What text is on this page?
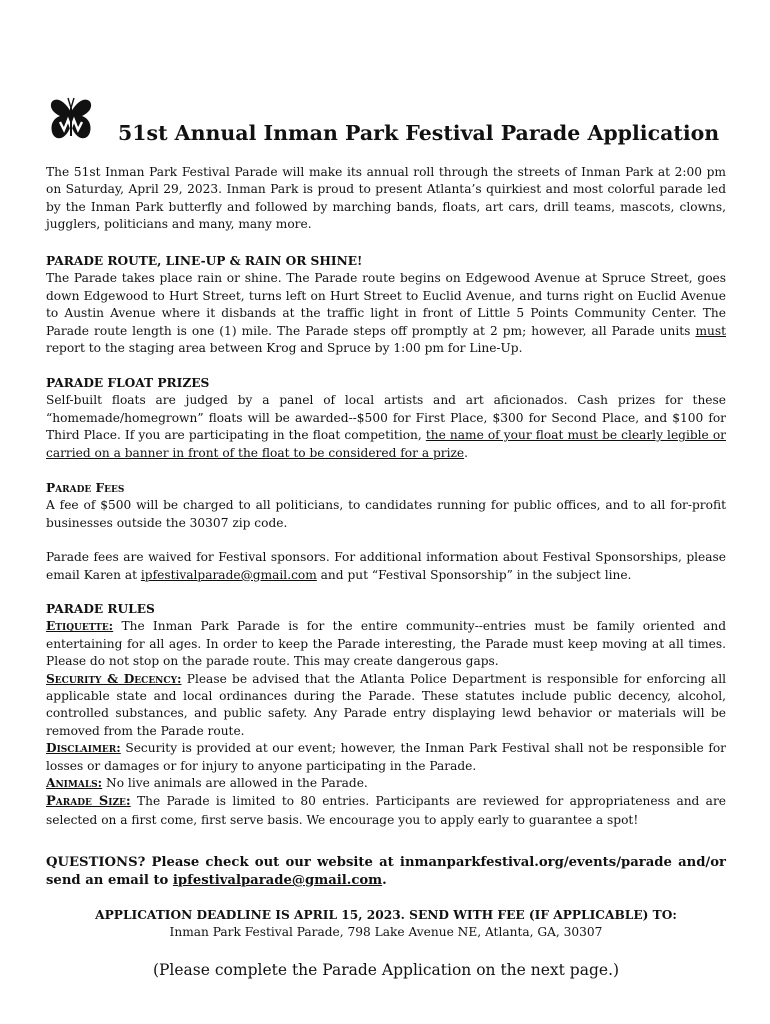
51st Annual Inman Park Festival Parade Application
The 51st Inman Park Festival Parade will make its annual roll through the streets of Inman Park at 2:00 pm on Saturday, April 29, 2023. Inman Park is proud to present Atlanta’s quirkiest and most colorful parade led by the Inman Park butterfly and followed by marching bands, floats, art cars, drill teams, mascots, clowns, jugglers, politicians and many, many more.

PARADE ROUTE, LINE-UP & RAIN OR SHINE!

The Parade takes place rain or shine. The Parade route begins on Edgewood Avenue at Spruce Street, goes down Edgewood to Hurt Street, turns left on Hurt Street to Euclid Avenue, and turns right on Euclid Avenue to Austin Avenue where it disbands at the traffic light in front of Little 5 Points Community Center. The Parade route length is one (1) mile. The Parade steps off promptly at 2 pm; however, all Parade units must report to the staging area between Krog and Spruce by 1:00 pm for Line-Up.

PARADE FLOAT PRIZES

Self-built floats are judged by a panel of local artists and art aficionados. Cash prizes for these “homemade/homegrown” floats will be awarded--$500 for First Place, $300 for Second Place, and $100 for Third Place. If you are participating in the float competition, the name of your float must be clearly legible or carried on a banner in front of the float to be considered for a prize.

Parade Fees

A fee of $500 will be charged to all politicians, to candidates running for public offices, and to all for-profit businesses outside the 30307 zip code.

Parade fees are waived for Festival sponsors. For additional information about Festival Sponsorships, please email Karen at ipfestivalparade@gmail.com and put “Festival Sponsorship” in the subject line.

PARADE RULES

Etiquette: The Inman Park Parade is for the entire community--entries must be family oriented and entertaining for all ages. In order to keep the Parade interesting, the Parade must keep moving at all times. Please do not stop on the parade route. This may create dangerous gaps.

Security & Decency: Please be advised that the Atlanta Police Department is responsible for enforcing all applicable state and local ordinances during the Parade. These statutes include public decency, alcohol, controlled substances, and public safety. Any Parade entry displaying lewd behavior or materials will be removed from the Parade route.

Disclaimer: Security is provided at our event; however, the Inman Park Festival shall not be responsible for losses or damages or for injury to anyone participating in the Parade.

Animals: No live animals are allowed in the Parade.

Parade Size: The Parade is limited to 80 entries. Participants are reviewed for appropriateness and are selected on a first come, first serve basis. We encourage you to apply early to guarantee a spot!

QUESTIONS? Please check out our website at inmanparkfestival.org/events/parade and/or send an email to ipfestivalparade@gmail.com.

APPLICATION DEADLINE IS APRIL 15, 2023. SEND WITH FEE (IF APPLICABLE) TO:

Inman Park Festival Parade, 798 Lake Avenue NE, Atlanta, GA, 30307

(Please complete the Parade Application on the next page.)
